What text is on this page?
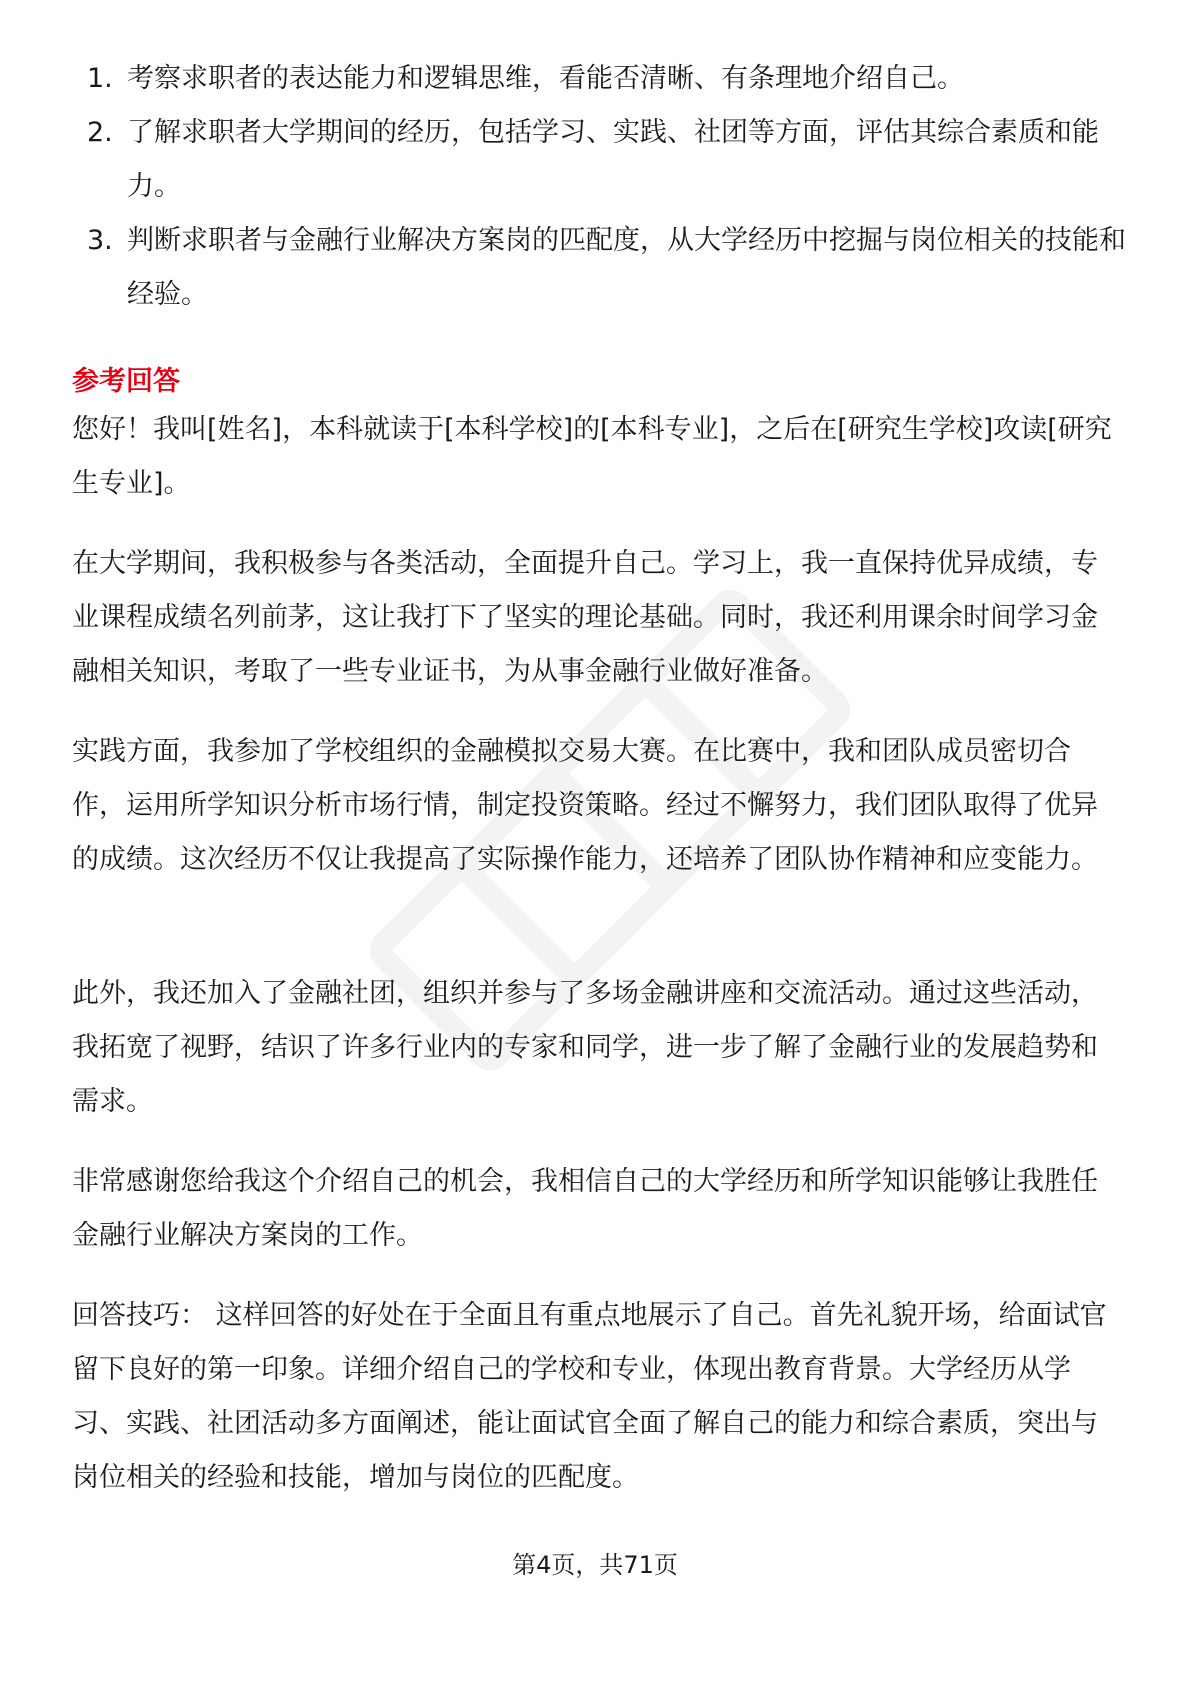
1. 考察求职者的表达能力和逻辑思维，看能否清晰、有条理地介绍自己。
2. 了解求职者大学期间的经历，包括学习、实践、社团等方面，评估其综合素质和能力。
3. 判断求职者与金融行业解决方案岗的匹配度，从大学经历中挖掘与岗位相关的技能和经验。
参考回答

您好！我叫[姓名]，本科就读于[本科学校]的[本科专业]，之后在[研究生学校]攻读[研究生专业]。

在大学期间，我积极参与各类活动，全面提升自己。学习上，我一直保持优异成绩，专业课程成绩名列前茅，这让我打下了坚实的理论基础。同时，我还利用课余时间学习金融相关知识，考取了一些专业证书，为从事金融行业做好准备。

实践方面，我参加了学校组织的金融模拟交易大赛。在比赛中，我和团队成员密切合作，运用所学知识分析市场行情，制定投资策略。经过不懈努力，我们团队取得了优异的成绩。这次经历不仅让我提高了实际操作能力，还培养了团队协作精神和应变能力。

此外，我还加入了金融社团，组织并参与了多场金融讲座和交流活动。通过这些活动，我拓宽了视野，结识了许多行业内的专家和同学，进一步了解了金融行业的发展趋势和需求。

非常感谢您给我这个介绍自己的机会，我相信自己的大学经历和所学知识能够让我胜任金融行业解决方案岗的工作。

回答技巧： 这样回答的好处在于全面且有重点地展示了自己。首先礼貌开场，给面试官留下良好的第一印象。详细介绍自己的学校和专业，体现出教育背景。大学经历从学习、实践、社团活动多方面阐述，能让面试官全面了解自己的能力和综合素质，突出与岗位相关的经验和技能，增加与岗位的匹配度。

第4页，共71页
